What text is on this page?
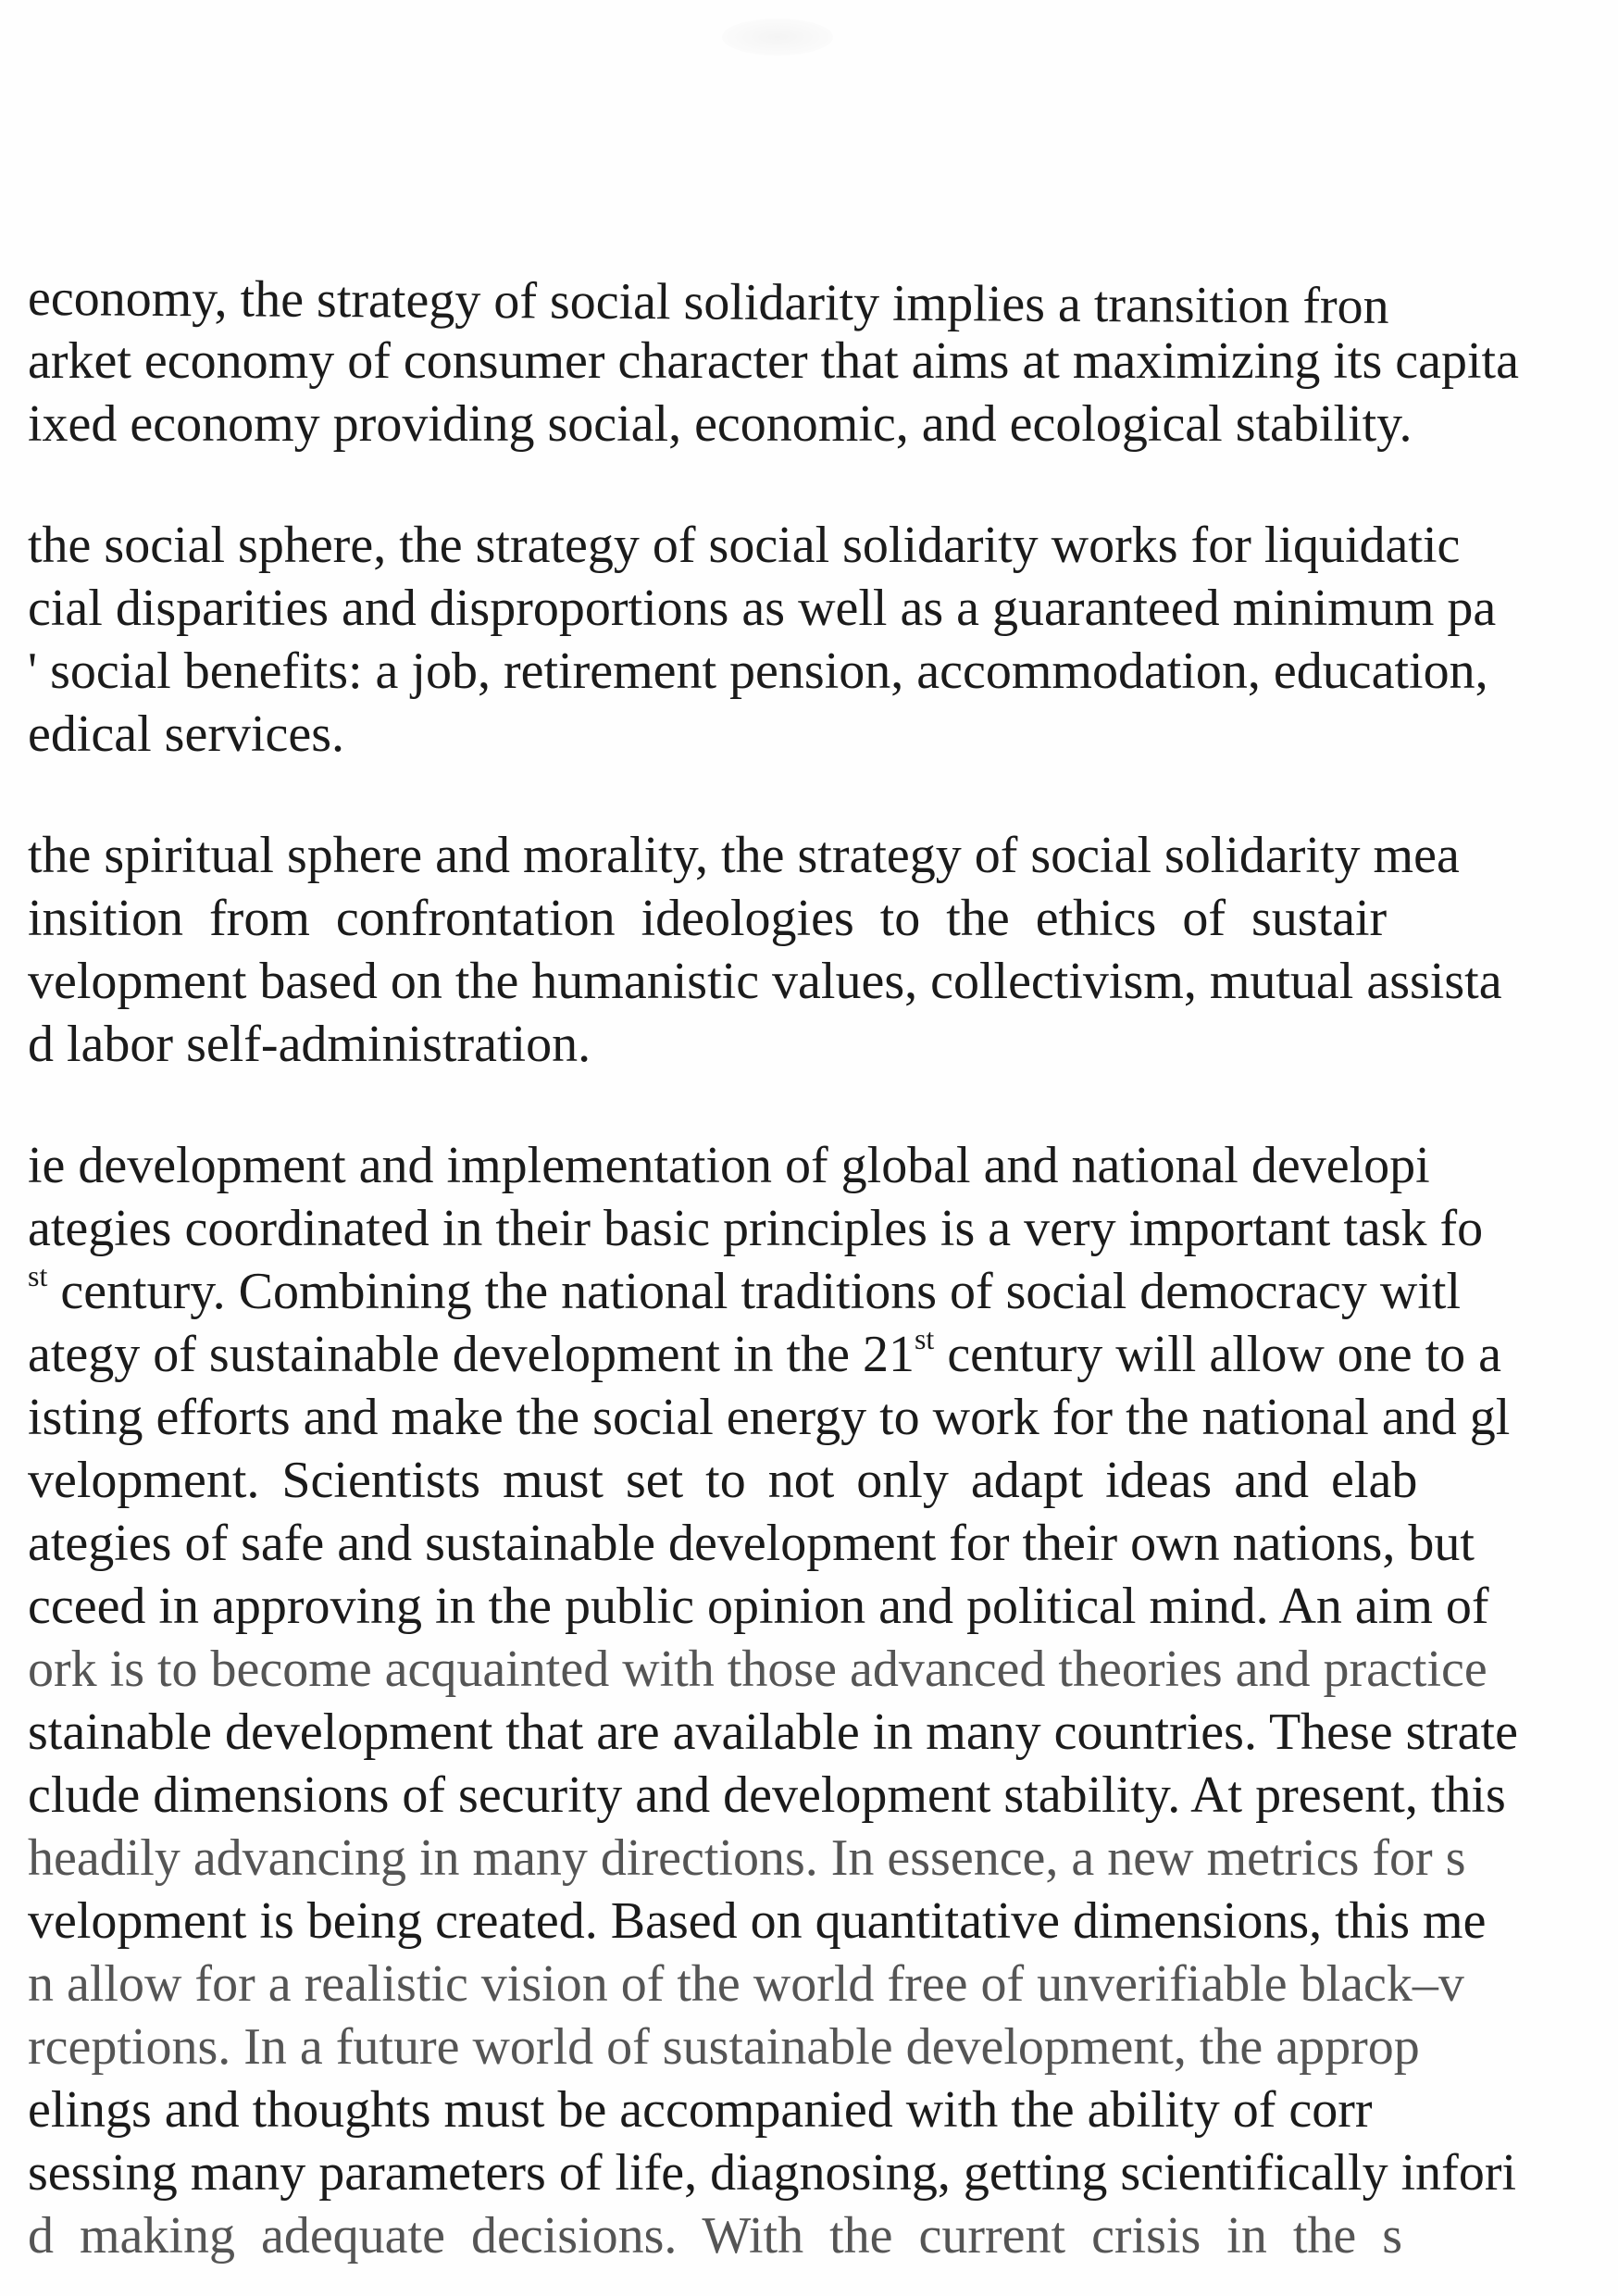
economy, the strategy of social solidarity implies a transition fron
arket economy of consumer character that aims at maximizing its capita
ixed economy providing social, economic, and ecological stability.

the social sphere, the strategy of social solidarity works for liquidatic
cial disparities and disproportions as well as a guaranteed minimum pa
' social benefits: a job, retirement pension, accommodation, education,
edical services.

the spiritual sphere and morality, the strategy of social solidarity mea
insition from confrontation ideologies to the ethics of sustair
velopment based on the humanistic values, collectivism, mutual assista
d labor self-administration.

ie development and implementation of global and national developi
ategies coordinated in their basic principles is a very important task fo
$^{st}$ century. Combining the national traditions of social democracy witl
ategy of sustainable development in the 21st century will allow one to a
isting efforts and make the social energy to work for the national and gl
velopment. Scientists must set to not only adapt ideas and elab
ategies of safe and sustainable development for their own nations, but
cceed in approving in the public opinion and political mind. An aim of
ork is to become acquainted with those advanced theories and practice
stainable development that are available in many countries. These strate
clude dimensions of security and development stability. At present, this
headily advancing in many directions. In essence, a new metrics for s
velopment is being created. Based on quantitative dimensions, this me
n allow for a realistic vision of the world free of unverifiable black–v
rceptions. In a future world of sustainable development, the approp
elings and thoughts must be accompanied with the ability of corr
sessing many parameters of life, diagnosing, getting scientifically infori
d making adequate decisions. With the current crisis in the s
